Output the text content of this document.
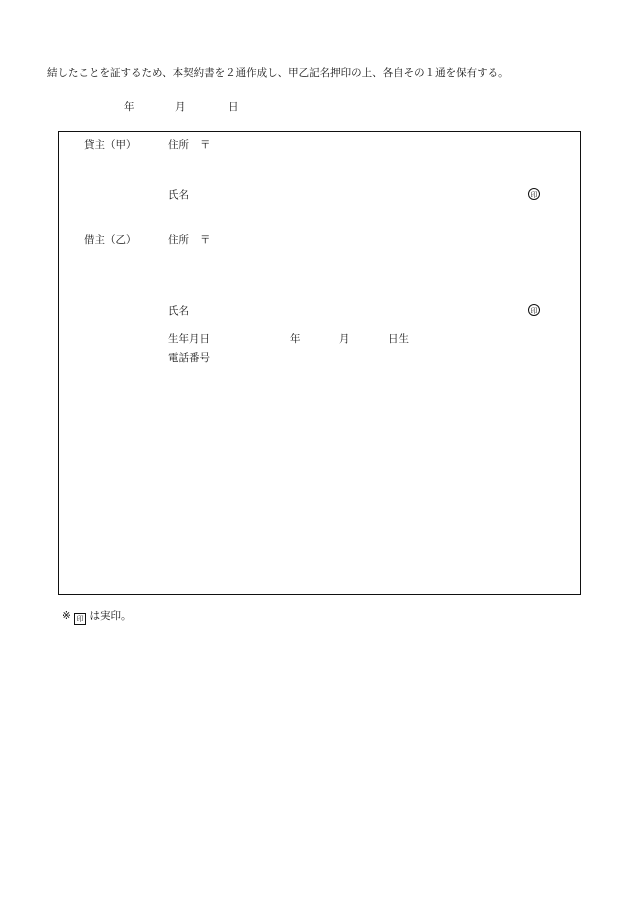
結したことを証するため、本契約書を２通作成し、甲乙記名押印の上、各自その１通を保有する。
年	月	日
貸主（甲）	住所 〒
氏名	印
借主（乙）	住所 〒
氏名	印
生年月日	年	月	日生
電話番号
※ 印 は実印。
